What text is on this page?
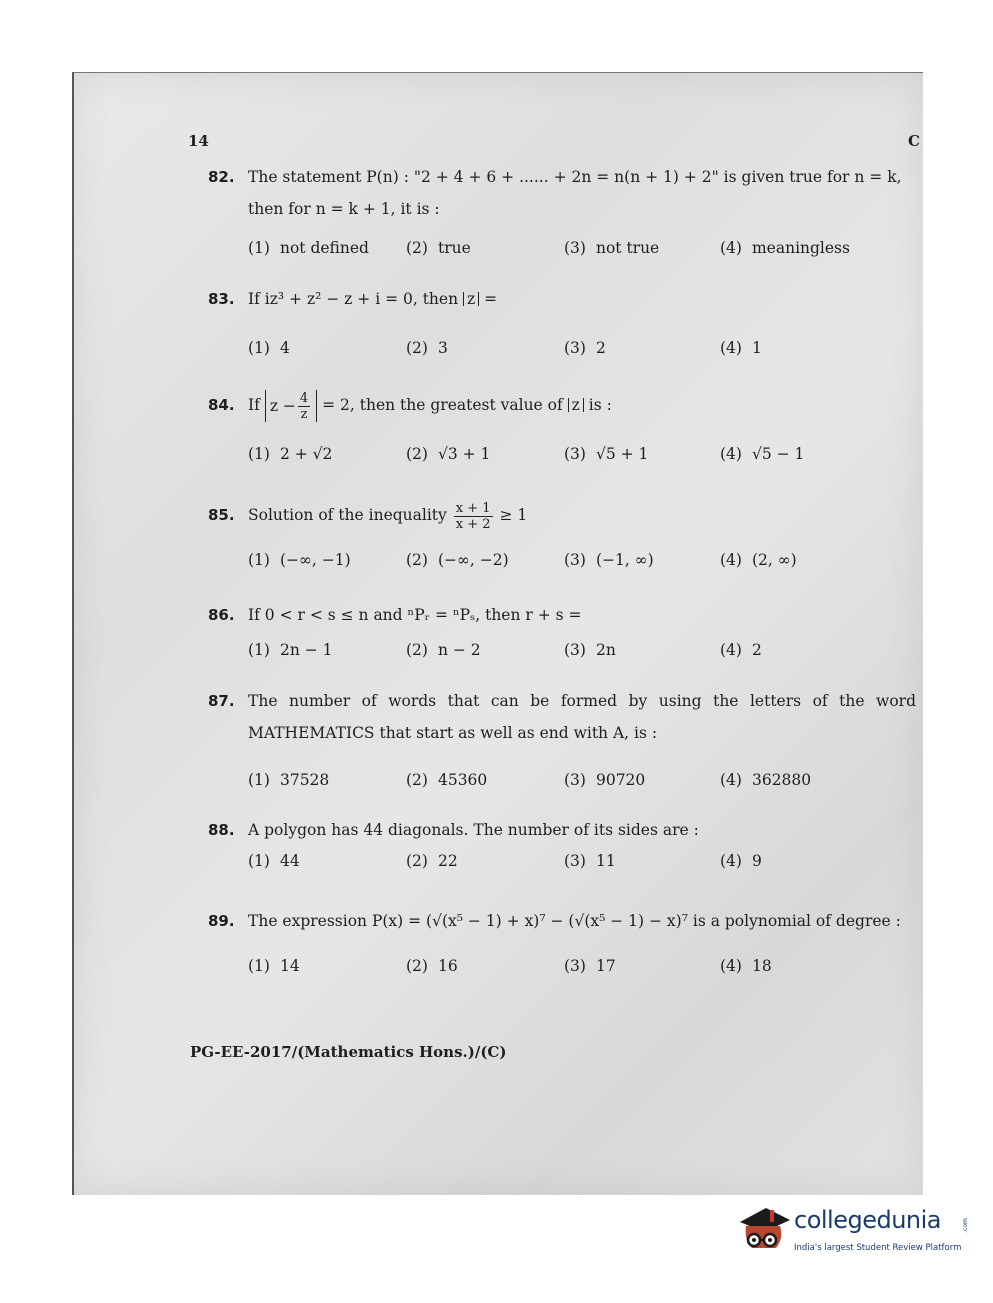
14	C
82. The statement P(n) : "2 + 4 + 6 + ...... + 2n = n(n + 1) + 2" is given true for n = k, then for n = k + 1, it is :
(1) not defined (2) true	(3) not true	(4) meaningless
83. If iz³ + z² − z + i = 0, then z =
(1) 4	(2) 3	(3) 2	(4) 1
84. If $z - \frac{4}{z} = 2$, then the greatest value of z is :
(1) 2 + √2	(2) √3 + 1	(3) √5 + 1	(4) √5 − 1
85. Solution of the inequality $\frac{x + 1}{x + 2} \ge 1$
(1) (−∞, −1)	(2) (−∞, −2)	(3) (−1, ∞)	(4) (2, ∞)
86. If 0 < r < s ≤ n and ⁿPᵣ = ⁿPₛ, then r + s =
(1) 2n − 1	(2) n − 2	(3) 2n	(4) 2
87. The number of words that can be formed by using the letters of the word MATHEMATICS that start as well as end with A, is :
(1) 37528	(2) 45360	(3) 90720	(4) 362880
88. A polygon has 44 diagonals. The number of its sides are :
(1) 44	(2) 22	(3) 11	(4) 9
89. The expression P(x) = (√(x⁵ − 1) + x)⁷ − (√(x⁵ − 1) − x)⁷ is a polynomial of degree :
(1) 14	(2) 16	(3) 17	(4) 18
PG-EE-2017/(Mathematics Hons.)/(C)
collegedunia	.com
India's largest Student Review Platform
